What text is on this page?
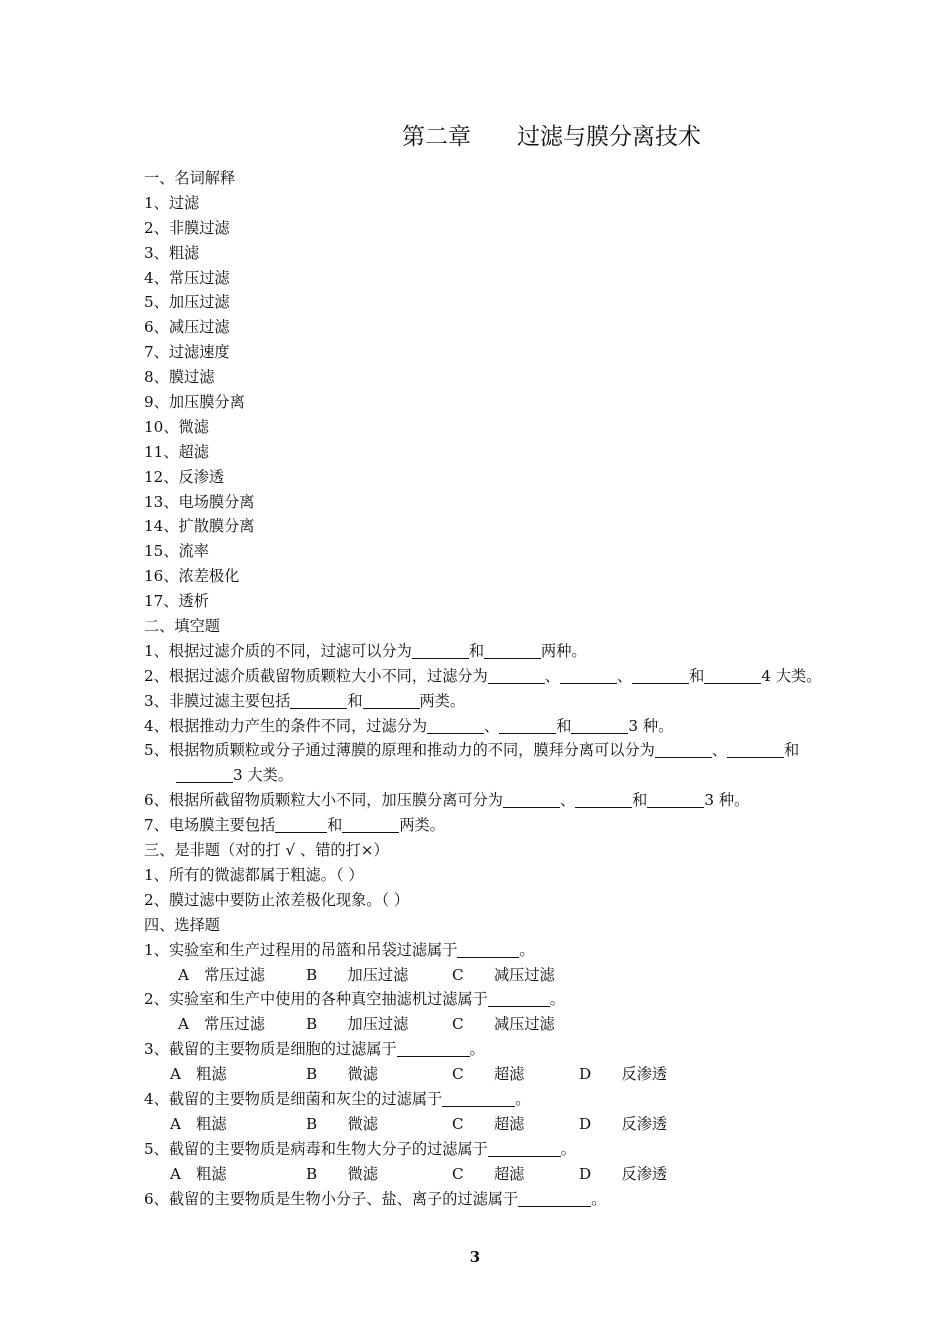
第二章　　过滤与膜分离技术
一、名词解释
1、过滤
2、非膜过滤
3、粗滤
4、常压过滤
5、加压过滤
6、减压过滤
7、过滤速度
8、膜过滤
9、加压膜分离
10、微滤
11、超滤
12、反渗透
13、电场膜分离
14、扩散膜分离
15、流率
16、浓差极化
17、透析
二、填空题
1、根据过滤介质的不同，过滤可以分为	和	两种。
2、根据过滤介质截留物质颗粒大小不同，过滤分为	、	、	和	4 大类。
3、非膜过滤主要包括	和	两类。
4、根据推动力产生的条件不同，过滤分为	、	和	3 种。
5、根据物质颗粒或分子通过薄膜的原理和推动力的不同，膜拜分离可以分为	、	和
3 大类。
6、根据所截留物质颗粒大小不同，加压膜分离可分为	、	和	3 种。
7、电场膜主要包括	和	两类。
三、是非题（对的打 √ 、错的打×）
1、所有的微滤都属于粗滤。（ ）
2、膜过滤中要防止浓差极化现象。（ ）
四、选择题
1、实验室和生产过程用的吊篮和吊袋过滤属于	。
A　常压过滤	B　　加压过滤	C　　减压过滤
2、实验室和生产中使用的各种真空抽滤机过滤属于	。
A　常压过滤	B　　加压过滤	C　　减压过滤
3、截留的主要物质是细胞的过滤属于	。
A　粗滤	B　　微滤	C　　超滤	D　　反渗透
4、截留的主要物质是细菌和灰尘的过滤属于	。
A　粗滤	B　　微滤	C　　超滤	D　　反渗透
5、截留的主要物质是病毒和生物大分子的过滤属于	。
A　粗滤	B　　微滤	C　　超滤	D　　反渗透
6、截留的主要物质是生物小分子、盐、离子的过滤属于	。
3
